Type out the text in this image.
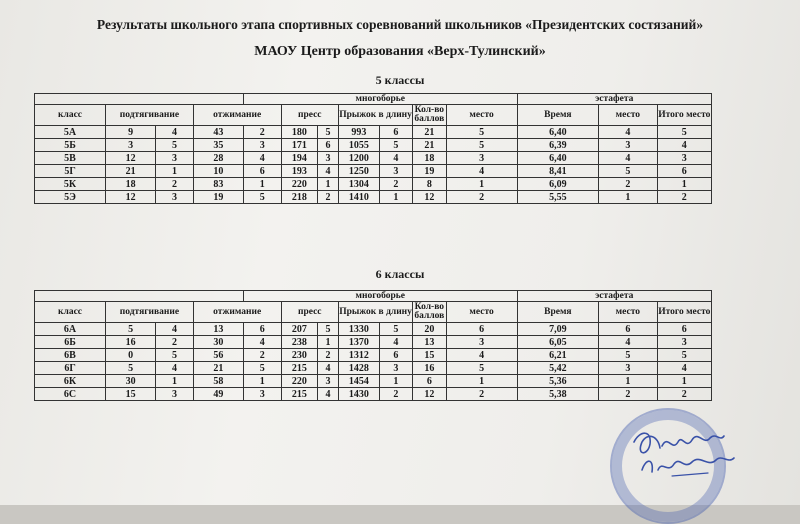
Результаты школьного этапа спортивных соревнований школьников «Президентских состязаний»
МАОУ Центр образования «Верх-Тулинский»
5 классы
				многоборье							эстафета		
класс	подтягивание		отжимание		пресс		Прыжок в длину		Кол-во баллов	место	Время	место	Итого место
5А	9	4	43	2	180	5	993	6	21	5	6,40	4	5
5Б	3	5	35	3	171	6	1055	5	21	5	6,39	3	4
5В	12	3	28	4	194	3	1200	4	18	3	6,40	4	3
5Г	21	1	10	6	193	4	1250	3	19	4	8,41	5	6
5К	18	2	83	1	220	1	1304	2	8	1	6,09	2	1
5Э	12	3	19	5	218	2	1410	1	12	2	5,55	1	2
6 классы
				многоборье							эстафета		
класс	подтягивание		отжимание		пресс		Прыжок в длину		Кол-во баллов	место	Время	место	Итого место
6А	5	4	13	6	207	5	1330	5	20	6	7,09	6	6
6Б	16	2	30	4	238	1	1370	4	13	3	6,05	4	3
6В	0	5	56	2	230	2	1312	6	15	4	6,21	5	5
6Г	5	4	21	5	215	4	1428	3	16	5	5,42	3	4
6К	30	1	58	1	220	3	1454	1	6	1	5,36	1	1
6С	15	3	49	3	215	4	1430	2	12	2	5,38	2	2
